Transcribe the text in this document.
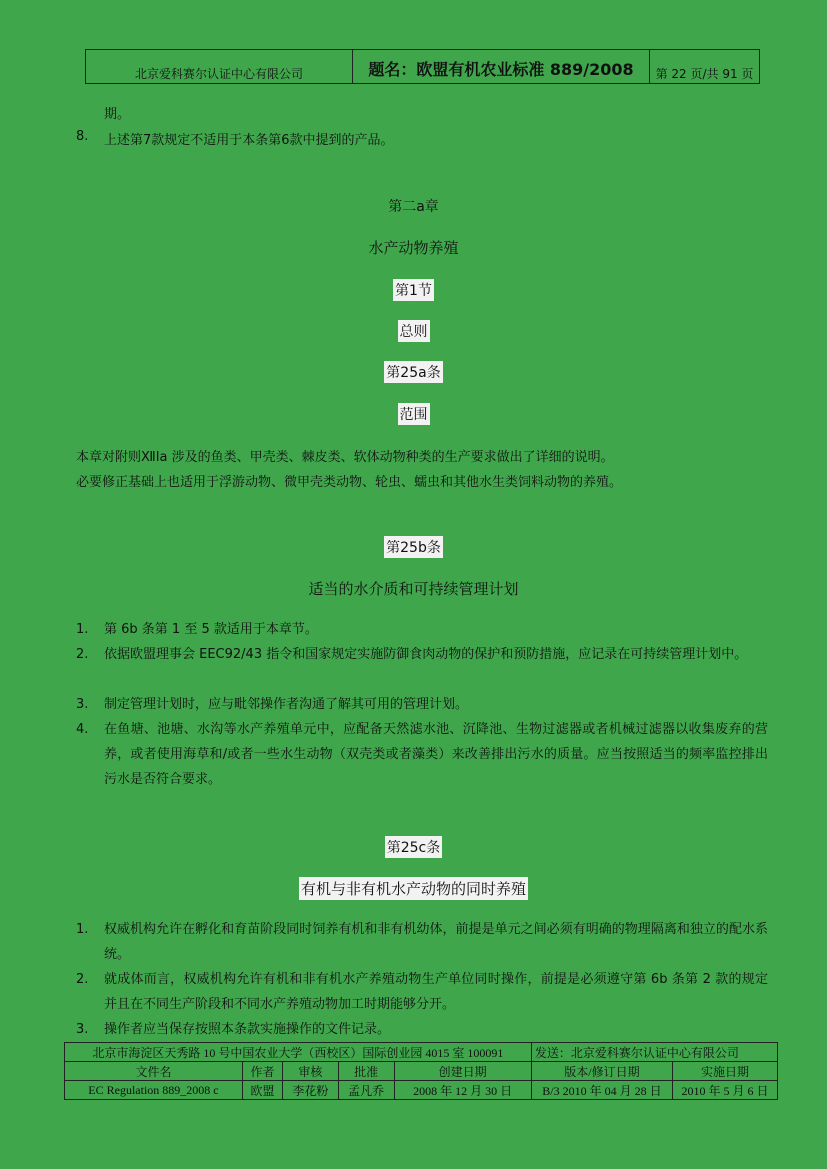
北京爱科赛尔认证中心有限公司	题名：欧盟有机农业标准 889/2008	第 22 页/共 91 页
期。
8. 上述第7款规定不适用于本条第6款中提到的产品。
第二a章
水产动物养殖
第1节
总则
第25a条
范围
本章对附则ⅫⅠa 涉及的鱼类、甲壳类、棘皮类、软体动物种类的生产要求做出了详细的说明。
必要修正基础上也适用于浮游动物、微甲壳类动物、轮虫、蠕虫和其他水生类饲料动物的养殖。
第25b条
适当的水介质和可持续管理计划
1. 第 6b 条第 1 至 5 款适用于本章节。
2. 依据欧盟理事会 EEC92/43 指令和国家规定实施防御食肉动物的保护和预防措施，应记录在可持续管理计划中。
3. 制定管理计划时，应与毗邻操作者沟通了解其可用的管理计划。
4. 在鱼塘、池塘、水沟等水产养殖单元中，应配备天然滤水池、沉降池、生物过滤器或者机械过滤器以收集废弃的营养，或者使用海草和/或者一些水生动物（双壳类或者藻类）来改善排出污水的质量。应当按照适当的频率监控排出污水是否符合要求。
第25c条
有机与非有机水产动物的同时养殖
1. 权威机构允许在孵化和育苗阶段同时饲养有机和非有机幼体，前提是单元之间必须有明确的物理隔离和独立的配水系统。
2. 就成体而言，权威机构允许有机和非有机水产养殖动物生产单位同时操作，前提是必须遵守第 6b 条第 2 款的规定并且在不同生产阶段和不同水产养殖动物加工时期能够分开。
3. 操作者应当保存按照本条款实施操作的文件记录。
北京市海淀区天秀路 10 号中国农业大学（西校区）国际创业园 4015 室 100091					发送：北京爱科赛尔认证中心有限公司	
文件名	作者	审核	批准	创建日期	版本/修订日期	实施日期
EC Regulation 889_2008 c	欧盟	李花粉	孟凡乔	2008 年 12 月 30 日	B/3 2010 年 04 月 28 日	2010 年 5 月 6 日
